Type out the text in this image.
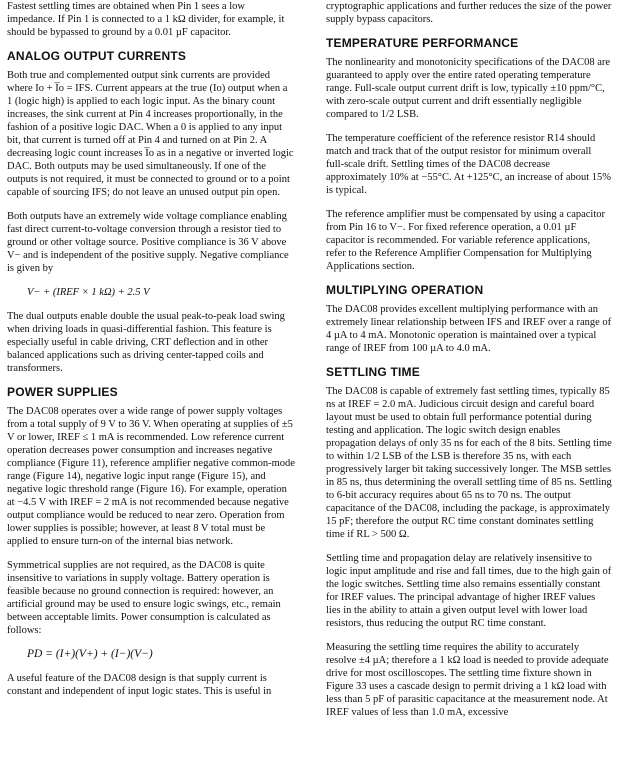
Fastest settling times are obtained when Pin 1 sees a low impedance. If Pin 1 is connected to a 1 kΩ divider, for example, it should be bypassed to ground by a 0.01 µF capacitor.

ANALOG OUTPUT CURRENTS

Both true and complemented output sink currents are provided where Io + I̅o = IFS. Current appears at the true (Io) output when a 1 (logic high) is applied to each logic input. As the binary count increases, the sink current at Pin 4 increases proportionally, in the fashion of a positive logic DAC. When a 0 is applied to any input bit, that current is turned off at Pin 4 and turned on at Pin 2. A decreasing logic count increases I̅o as in a negative or inverted logic DAC. Both outputs may be used simultaneously. If one of the outputs is not required, it must be connected to ground or to a point capable of sourcing IFS; do not leave an unused output pin open.

Both outputs have an extremely wide voltage compliance enabling fast direct current-to-voltage conversion through a resistor tied to ground or other voltage source. Positive compliance is 36 V above V− and is independent of the positive supply. Negative compliance is given by

V− + (IREF × 1 kΩ) + 2.5 V

The dual outputs enable double the usual peak-to-peak load swing when driving loads in quasi-differential fashion. This feature is especially useful in cable driving, CRT deflection and in other balanced applications such as driving center-tapped coils and transformers.

POWER SUPPLIES

The DAC08 operates over a wide range of power supply voltages from a total supply of 9 V to 36 V. When operating at supplies of ±5 V or lower, IREF ≤ 1 mA is recommended. Low reference current operation decreases power consumption and increases negative compliance (Figure 11), reference amplifier negative common-mode range (Figure 14), negative logic input range (Figure 15), and negative logic threshold range (Figure 16). For example, operation at −4.5 V with IREF = 2 mA is not recommended because negative output compliance would be reduced to near zero. Operation from lower supplies is possible; however, at least 8 V total must be applied to ensure turn-on of the internal bias network.

Symmetrical supplies are not required, as the DAC08 is quite insensitive to variations in supply voltage. Battery operation is feasible because no ground connection is required: however, an artificial ground may be used to ensure logic swings, etc., remain between acceptable limits. Power consumption is calculated as follows:

PD = (I+)(V+) + (I−)(V−)

A useful feature of the DAC08 design is that supply current is constant and independent of input logic states. This is useful in

cryptographic applications and further reduces the size of the power supply bypass capacitors.

TEMPERATURE PERFORMANCE

The nonlinearity and monotonicity specifications of the DAC08 are guaranteed to apply over the entire rated operating temperature range. Full-scale output current drift is low, typically ±10 ppm/°C, with zero-scale output current and drift essentially negligible compared to 1/2 LSB.

The temperature coefficient of the reference resistor R14 should match and track that of the output resistor for minimum overall full-scale drift. Settling times of the DAC08 decrease approximately 10% at −55°C. At +125°C, an increase of about 15% is typical.

The reference amplifier must be compensated by using a capacitor from Pin 16 to V−. For fixed reference operation, a 0.01 µF capacitor is recommended. For variable reference applications, refer to the Reference Amplifier Compensation for Multiplying Applications section.

MULTIPLYING OPERATION

The DAC08 provides excellent multiplying performance with an extremely linear relationship between IFS and IREF over a range of 4 µA to 4 mA. Monotonic operation is maintained over a typical range of IREF from 100 µA to 4.0 mA.

SETTLING TIME

The DAC08 is capable of extremely fast settling times, typically 85 ns at IREF = 2.0 mA. Judicious circuit design and careful board layout must be used to obtain full performance potential during testing and application. The logic switch design enables propagation delays of only 35 ns for each of the 8 bits. Settling time to within 1/2 LSB of the LSB is therefore 35 ns, with each progressively larger bit taking successively longer. The MSB settles in 85 ns, thus determining the overall settling time of 85 ns. Settling to 6-bit accuracy requires about 65 ns to 70 ns. The output capacitance of the DAC08, including the package, is approximately 15 pF; therefore the output RC time constant dominates settling time if RL > 500 Ω.

Settling time and propagation delay are relatively insensitive to logic input amplitude and rise and fall times, due to the high gain of the logic switches. Settling time also remains essentially constant for IREF values. The principal advantage of higher IREF values lies in the ability to attain a given output level with lower load resistors, thus reducing the output RC time constant.

Measuring the settling time requires the ability to accurately resolve ±4 µA; therefore a 1 kΩ load is needed to provide adequate drive for most oscilloscopes. The settling time fixture shown in Figure 33 uses a cascade design to permit driving a 1 kΩ load with less than 5 pF of parasitic capacitance at the measurement node. At IREF values of less than 1.0 mA, excessive
